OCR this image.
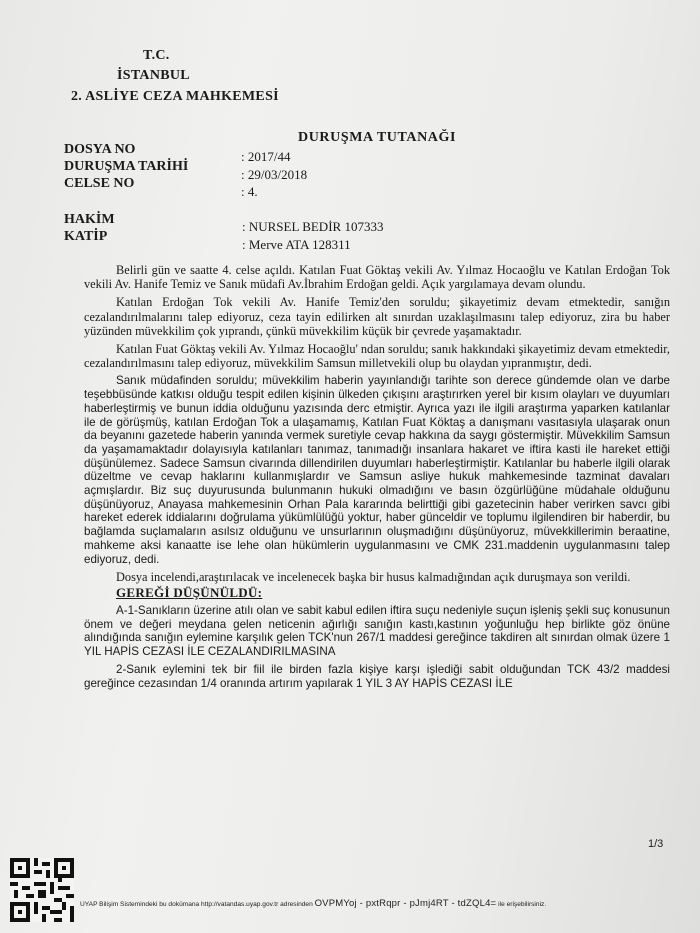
T.C.
İSTANBUL
2. ASLİYE CEZA MAHKEMESİ
DURUŞMA TUTANAĞI
DOSYA NO	: 2017/44
DURUŞMA TARİHİ
: 29/03/2018
CELSE NO
: 4.
HAKİM	: NURSEL BEDİR 107333
KATİP
: Merve ATA 128311

Belirli gün ve saatte 4. celse açıldı. Katılan Fuat Göktaş vekili Av. Yılmaz Hocaoğlu ve Katılan Erdoğan Tok vekili Av. Hanife Temiz ve Sanık müdafi Av.İbrahim Erdoğan geldi. Açık yargılamaya devam olundu.

Katılan Erdoğan Tok vekili Av. Hanife Temiz'den soruldu; şikayetimiz devam etmektedir, sanığın cezalandırılmalarını talep ediyoruz, ceza tayin edilirken alt sınırdan uzaklaşılmasını talep ediyoruz, zira bu haber yüzünden müvekkilim çok yıprandı, çünkü müvekkilim küçük bir çevrede yaşamaktadır.

Katılan Fuat Göktaş vekili Av. Yılmaz Hocaoğlu' ndan soruldu; sanık hakkındaki şikayetimiz devam etmektedir, cezalandırılmasını talep ediyoruz, müvekkilim Samsun milletvekili olup bu olaydan yıpranmıştır, dedi.

Sanık müdafinden soruldu; müvekkilim haberin yayınlandığı tarihte son derece gündemde olan ve darbe teşebbüsünde katkısı olduğu tespit edilen kişinin ülkeden çıkışını araştırırken yerel bir kısım olayları ve duyumları haberleştirmiş ve bunun iddia olduğunu yazısında derc etmiştir. Ayrıca yazı ile ilgili araştırma yaparken katılanlar ile de görüşmüş, katılan Erdoğan Tok a ulaşamamış, Katılan Fuat Köktaş a danışmanı vasıtasıyla ulaşarak onun da beyanını gazetede haberin yanında vermek suretiyle cevap hakkına da saygı göstermiştir. Müvekkilim Samsun da yaşamamaktadır dolayısıyla katılanları tanımaz, tanımadığı insanlara hakaret ve iftira kasti ile hareket ettiği düşünülemez. Sadece Samsun civarında dillendirilen duyumları haberleştirmiştir. Katılanlar bu haberle ilgili olarak düzeltme ve cevap haklarını kullanmışlardır ve Samsun asliye hukuk mahkemesinde tazminat davaları açmışlardır. Biz suç duyurusunda bulunmanın hukuki olmadığını ve basın özgürlüğüne müdahale olduğunu düşünüyoruz, Anayasa mahkemesinin Orhan Pala kararında belirttiği gibi gazetecinin haber verirken savcı gibi hareket ederek iddialarını doğrulama yükümlülüğü yoktur, haber günceldir ve toplumu ilgilendiren bir haberdir, bu bağlamda suçlamaların asılsız olduğunu ve unsurlarının oluşmadığını düşünüyoruz, müvekkillerimin beraatine, mahkeme aksi kanaatte ise lehe olan hükümlerin uygulanmasını ve CMK 231.maddenin uygulanmasını talep ediyoruz, dedi.

Dosya incelendi,araştırılacak ve incelenecek başka bir husus kalmadığından açık duruşmaya son verildi.

GEREĞİ DÜŞÜNÜLDÜ:

A-1-Sanıkların üzerine atılı olan ve sabit kabul edilen iftira suçu nedeniyle suçun işleniş şekli suç konusunun önem ve değeri meydana gelen neticenin ağırlığı sanığın kastı,kastının yoğunluğu hep birlikte göz önüne alındığında sanığın eylemine karşılık gelen TCK'nun 267/1 maddesi gereğince takdiren alt sınırdan olmak üzere 1 YIL HAPİS CEZASI İLE CEZALANDIRILMASINA

2-Sanık eylemini tek bir fiil ile birden fazla kişiye karşı işlediği sabit olduğundan TCK 43/2 maddesi gereğince cezasından 1/4 oranında artırım yapılarak 1 YIL 3 AY HAPİS CEZASI İLE

1/3
UYAP Bilişim Sistemindeki bu dokümana http://vatandas.uyap.gov.tr adresinden OVPMYoj - pxtRqpr - pJmj4RT - tdZQL4= ile erişebilirsiniz.
